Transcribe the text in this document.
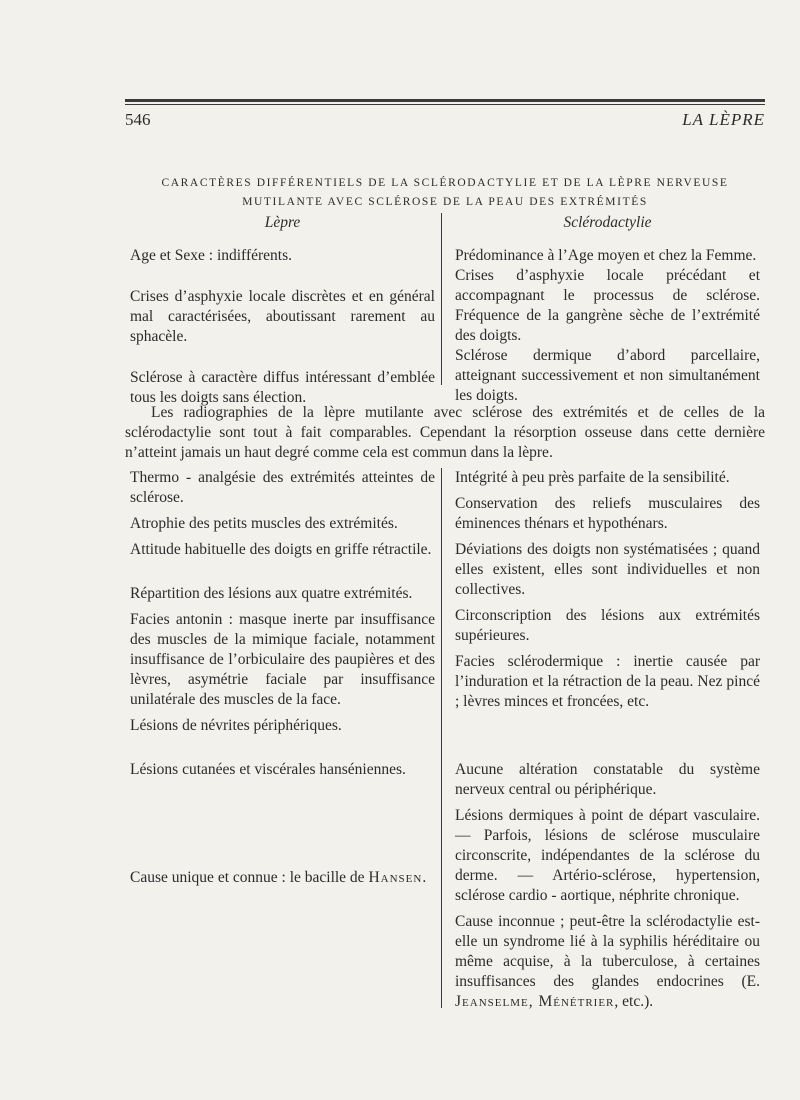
546	LA LÈPRE
CARACTÈRES DIFFÉRENTIELS DE LA SCLÉRODACTYLIE ET DE LA LÈPRE NERVEUSE
MUTILANTE AVEC SCLÉROSE DE LA PEAU DES EXTRÉMITÉS
Lèpre

Age et Sexe : indifférents.

Crises d’asphyxie locale discrètes et en général mal caractérisées, aboutissant rarement au sphacèle.

Sclérose à caractère diffus intéressant d’emblée tous les doigts sans élection.

Sclérodactylie

Prédominance à l’Age moyen et chez la Femme.

Crises d’asphyxie locale précédant et accompagnant le processus de sclérose. Fréquence de la gangrène sèche de l’extrémité des doigts.

Sclérose dermique d’abord parcellaire, atteignant successivement et non simultanément les doigts.

Les radiographies de la lèpre mutilante avec sclérose des extrémités et de celles de la sclérodactylie sont tout à fait comparables. Cependant la résorption osseuse dans cette dernière n’atteint jamais un haut degré comme cela est commun dans la lèpre.

Thermo - analgésie des extrémités atteintes de sclérose.

Atrophie des petits muscles des extrémités.

Attitude habituelle des doigts en griffe rétractile.

Répartition des lésions aux quatre extrémités.

Facies antonin : masque inerte par insuffisance des muscles de la mimique faciale, notamment insuffisance de l’orbiculaire des paupières et des lèvres, asymétrie faciale par insuffisance unilatérale des muscles de la face.

Lésions de névrites périphériques.

Lésions cutanées et viscérales hanséniennes.

Cause unique et connue : le bacille de Hansen.

Intégrité à peu près parfaite de la sensibilité.

Conservation des reliefs musculaires des éminences thénars et hypothénars.

Déviations des doigts non systématisées ; quand elles existent, elles sont individuelles et non collectives.

Circonscription des lésions aux extrémités supérieures.

Facies sclérodermique : inertie causée par l’induration et la rétraction de la peau. Nez pincé ; lèvres minces et froncées, etc.

Aucune altération constatable du système nerveux central ou périphérique.

Lésions dermiques à point de départ vasculaire. — Parfois, lésions de sclérose musculaire circonscrite, indépendantes de la sclérose du derme. — Artério-sclérose, hypertension, sclérose cardio - aortique, néphrite chronique.

Cause inconnue ; peut-être la sclérodactylie est-elle un syndrome lié à la syphilis héréditaire ou même acquise, à la tuberculose, à certaines insuffisances des glandes endocrines (E. Jeanselme, Ménétrier, etc.).
